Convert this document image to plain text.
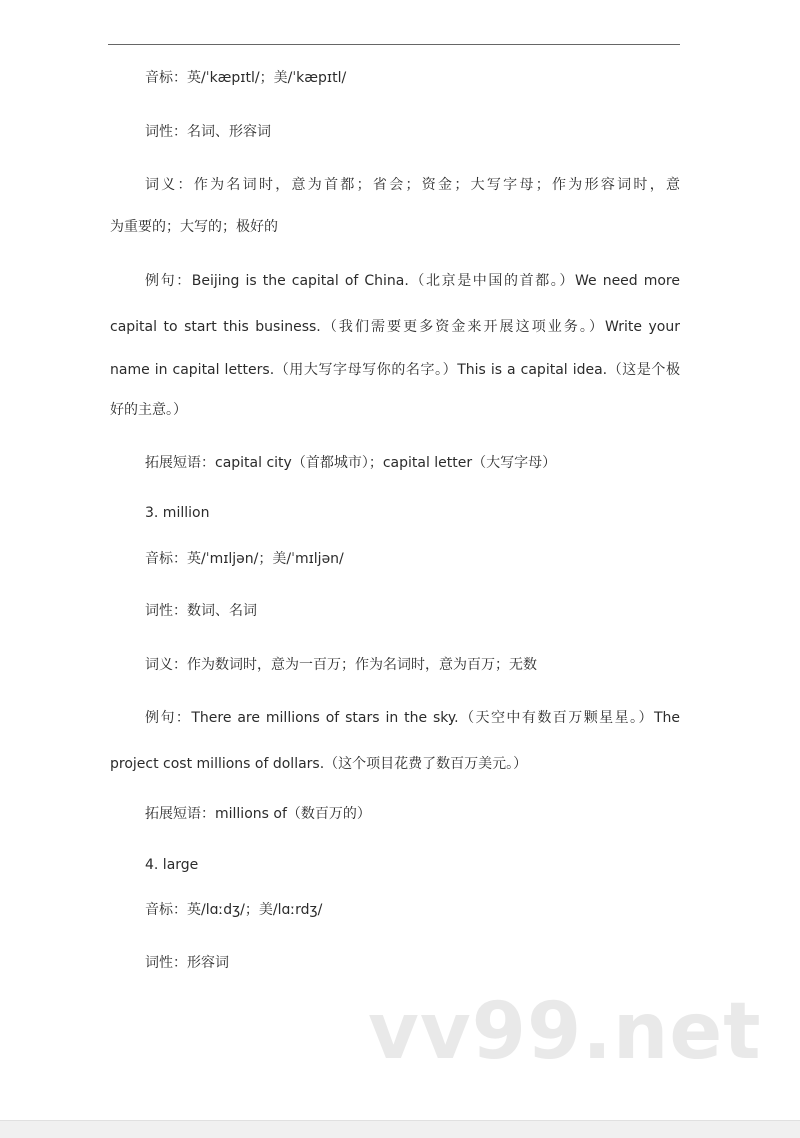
音标：英/ˈkæpɪtl/；美/ˈkæpɪtl/
词性：名词、形容词
词义：作为名词时，意为首都；省会；资金；大写字母；作为形容词时，意
为重要的；大写的；极好的
例句：Beijing is the capital of China.（北京是中国的首都。）We need more
capital to start this business.（我们需要更多资金来开展这项业务。）Write your
name in capital letters.（用大写字母写你的名字。）This is a capital idea.（这是个极
好的主意。）
拓展短语：capital city（首都城市）；capital letter（大写字母）
3. million
音标：英/ˈmɪljən/；美/ˈmɪljən/
词性：数词、名词
词义：作为数词时，意为一百万；作为名词时，意为百万；无数
例句：There are millions of stars in the sky.（天空中有数百万颗星星。）The
project cost millions of dollars.（这个项目花费了数百万美元。）
拓展短语：millions of（数百万的）
4. large
音标：英/lɑːdʒ/；美/lɑːrdʒ/
词性：形容词
vv99.net
